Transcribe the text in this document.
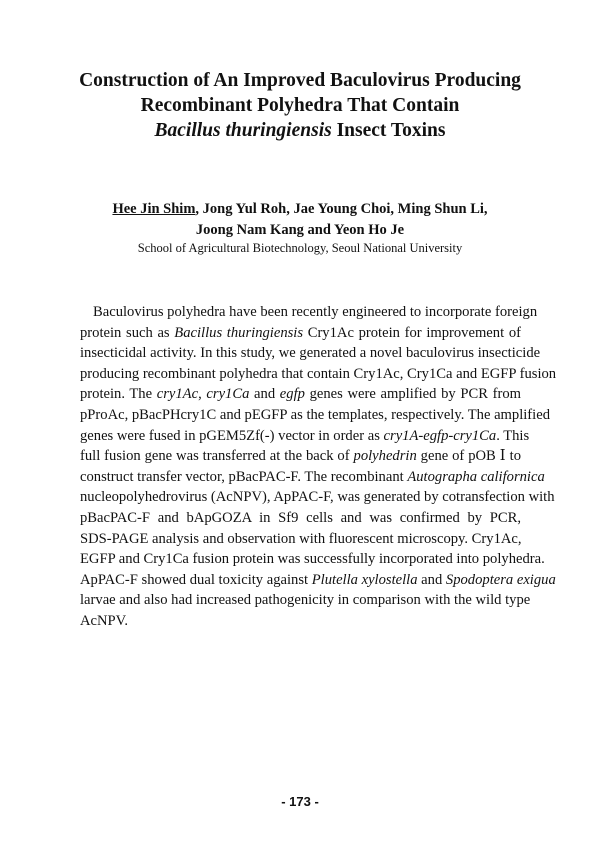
Construction of An Improved Baculovirus Producing
Recombinant Polyhedra That Contain
Bacillus thuringiensis Insect Toxins
Hee Jin Shim, Jong Yul Roh, Jae Young Choi, Ming Shun Li,
Joong Nam Kang and Yeon Ho Je
School of Agricultural Biotechnology, Seoul National University
Baculovirus polyhedra have been recently engineered to incorporate foreign
protein such as Bacillus thuringiensis Cry1Ac protein for improvement of
insecticidal activity. In this study, we generated a novel baculovirus insecticide
producing recombinant polyhedra that contain Cry1Ac, Cry1Ca and EGFP fusion
protein. The cry1Ac, cry1Ca and egfp genes were amplified by PCR from
pProAc, pBacPHcry1C and pEGFP as the templates, respectively. The amplified
genes were fused in pGEM5Zf(-) vector in order as cry1A-egfp-cry1Ca. This
full fusion gene was transferred at the back of polyhedrin gene of pOB Ⅰ to
construct transfer vector, pBacPAC-F. The recombinant Autographa californica
nucleopolyhedrovirus (AcNPV), ApPAC-F, was generated by cotransfection with
pBacPAC-F and bApGOZA in Sf9 cells and was confirmed by PCR,
SDS-PAGE analysis and observation with fluorescent microscopy. Cry1Ac,
EGFP and Cry1Ca fusion protein was successfully incorporated into polyhedra.
ApPAC-F showed dual toxicity against Plutella xylostella and Spodoptera exigua
larvae and also had increased pathogenicity in comparison with the wild type
AcNPV.
- 173 -
